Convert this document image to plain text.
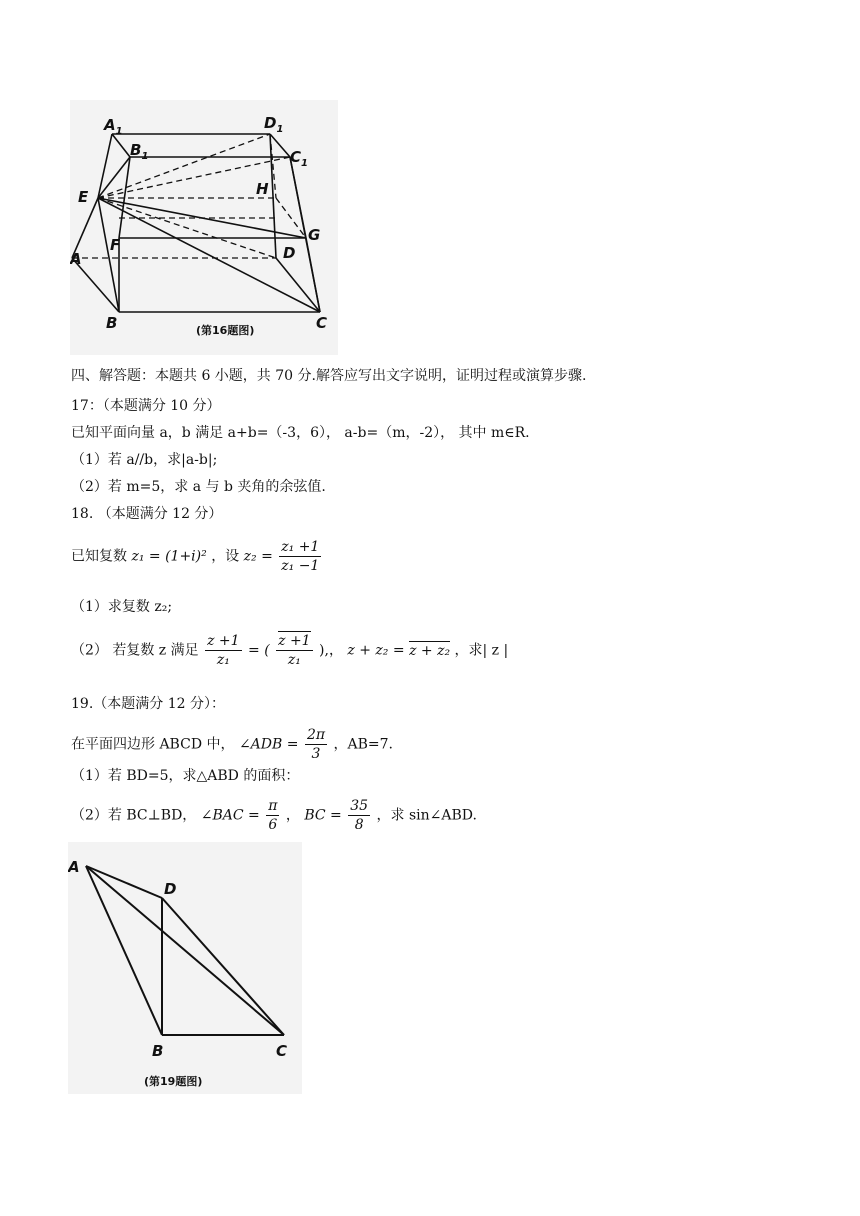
$A_1$
$B_1$
$D_1$
$C_1$
E	H
F
G
A	D
B	C
(第16题图)
四、解答题：本题共 6 小题，共 70 分.解答应写出文字说明，证明过程或演算步骤.
17：（本题满分 10 分）
已知平面向量 a，b 满足 a+b=（-3，6）， a-b=（m，-2）， 其中 m∈R.
（1）若 a//b，求|a-b|;
（2）若 m=5，求 a 与 b 夹角的余弦值.
18. （本题满分 12 分）
已知复数 z₁ = (1+i)² ，设 $z_2 = \frac{\text{z₁ +1}}{\text{z₁ −1}}$
（1）求复数 z₂;
（2） 若复数 z 满足 $\frac{z +1}{\text{z₁}}$ = ( $\frac{z +1}{\text{z₁}}$ ),， z + z₂ = z + z₂ ，求| z |
19.（本题满分 12 分）：
在平面四边形 ABCD 中， ∠ADB = $\frac{2\pi}{3}$ ，AB=7.
（1）若 BD=5，求△ABD 的面积：
（2）若 BC⊥BD， ∠BAC = $\frac{\pi}{6}$ ， BC = $\frac{35}{8}$ ，求 sin∠ABD.
A
D
B	C
(第19题图)
